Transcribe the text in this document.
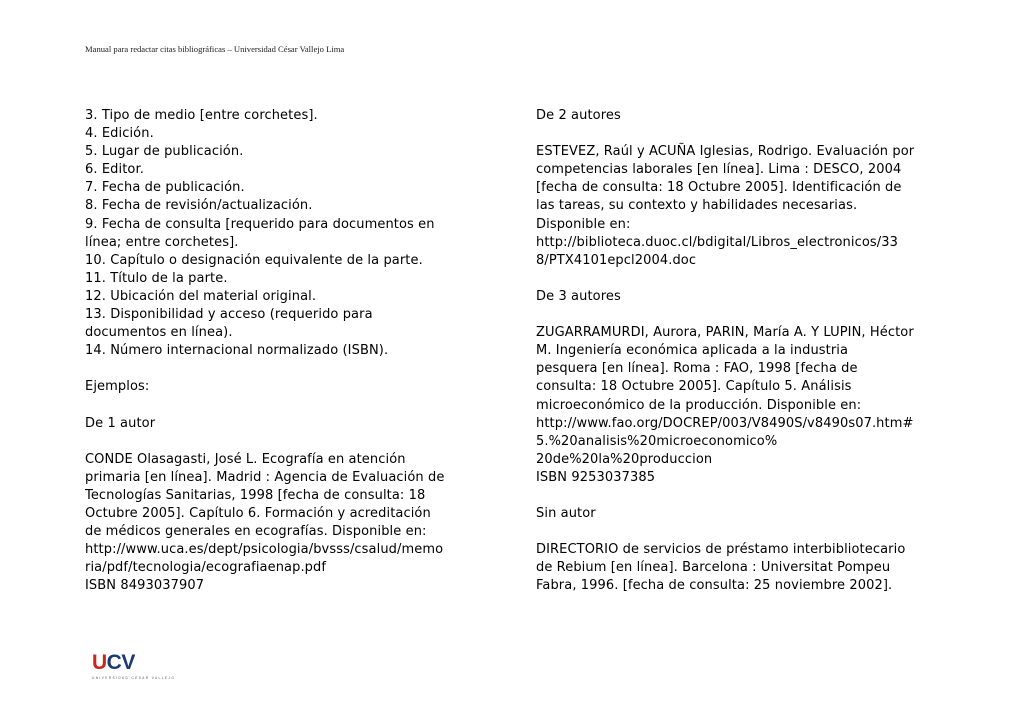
Manual para redactar citas bibliográficas – Universidad César Vallejo Lima
3. Tipo de medio [entre corchetes].
4. Edición.
5. Lugar de publicación.
6. Editor.
7. Fecha de publicación.
8. Fecha de revisión/actualización.
9. Fecha de consulta [requerido para documentos en
línea; entre corchetes].
10. Capítulo o designación equivalente de la parte.
11. Título de la parte.
12. Ubicación del material original.
13. Disponibilidad y acceso (requerido para
documentos en línea).
14. Número internacional normalizado (ISBN).
Ejemplos:
De 1 autor
CONDE Olasagasti, José L. Ecografía en atención
primaria [en línea]. Madrid : Agencia de Evaluación de
Tecnologías Sanitarias, 1998 [fecha de consulta: 18
Octubre 2005]. Capítulo 6. Formación y acreditación
de médicos generales en ecografías. Disponible en:
http://www.uca.es/dept/psicologia/bvsss/csalud/memo
ria/pdf/tecnologia/ecografiaenap.pdf
ISBN 8493037907
De 2 autores
ESTEVEZ, Raúl y ACUÑA Iglesias, Rodrigo. Evaluación por
competencias laborales [en línea]. Lima : DESCO, 2004
[fecha de consulta: 18 Octubre 2005]. Identificación de
las tareas, su contexto y habilidades necesarias.
Disponible en:
http://biblioteca.duoc.cl/bdigital/Libros_electronicos/33
8/PTX4101epcl2004.doc
De 3 autores
ZUGARRAMURDI, Aurora, PARIN, María A. Y LUPIN, Héctor
M. Ingeniería económica aplicada a la industria
pesquera [en línea]. Roma : FAO, 1998 [fecha de
consulta: 18 Octubre 2005]. Capítulo 5. Análisis
microeconómico de la producción. Disponible en:
http://www.fao.org/DOCREP/003/V8490S/v8490s07.htm#
5.%20analisis%20microeconomico%
20de%20la%20produccion
ISBN 9253037385
Sin autor
DIRECTORIO de servicios de préstamo interbibliotecario
de Rebium [en línea]. Barcelona : Universitat Pompeu
Fabra, 1996. [fecha de consulta: 25 noviembre 2002].
UCV
UNIVERSIDAD CÉSAR VALLEJO
